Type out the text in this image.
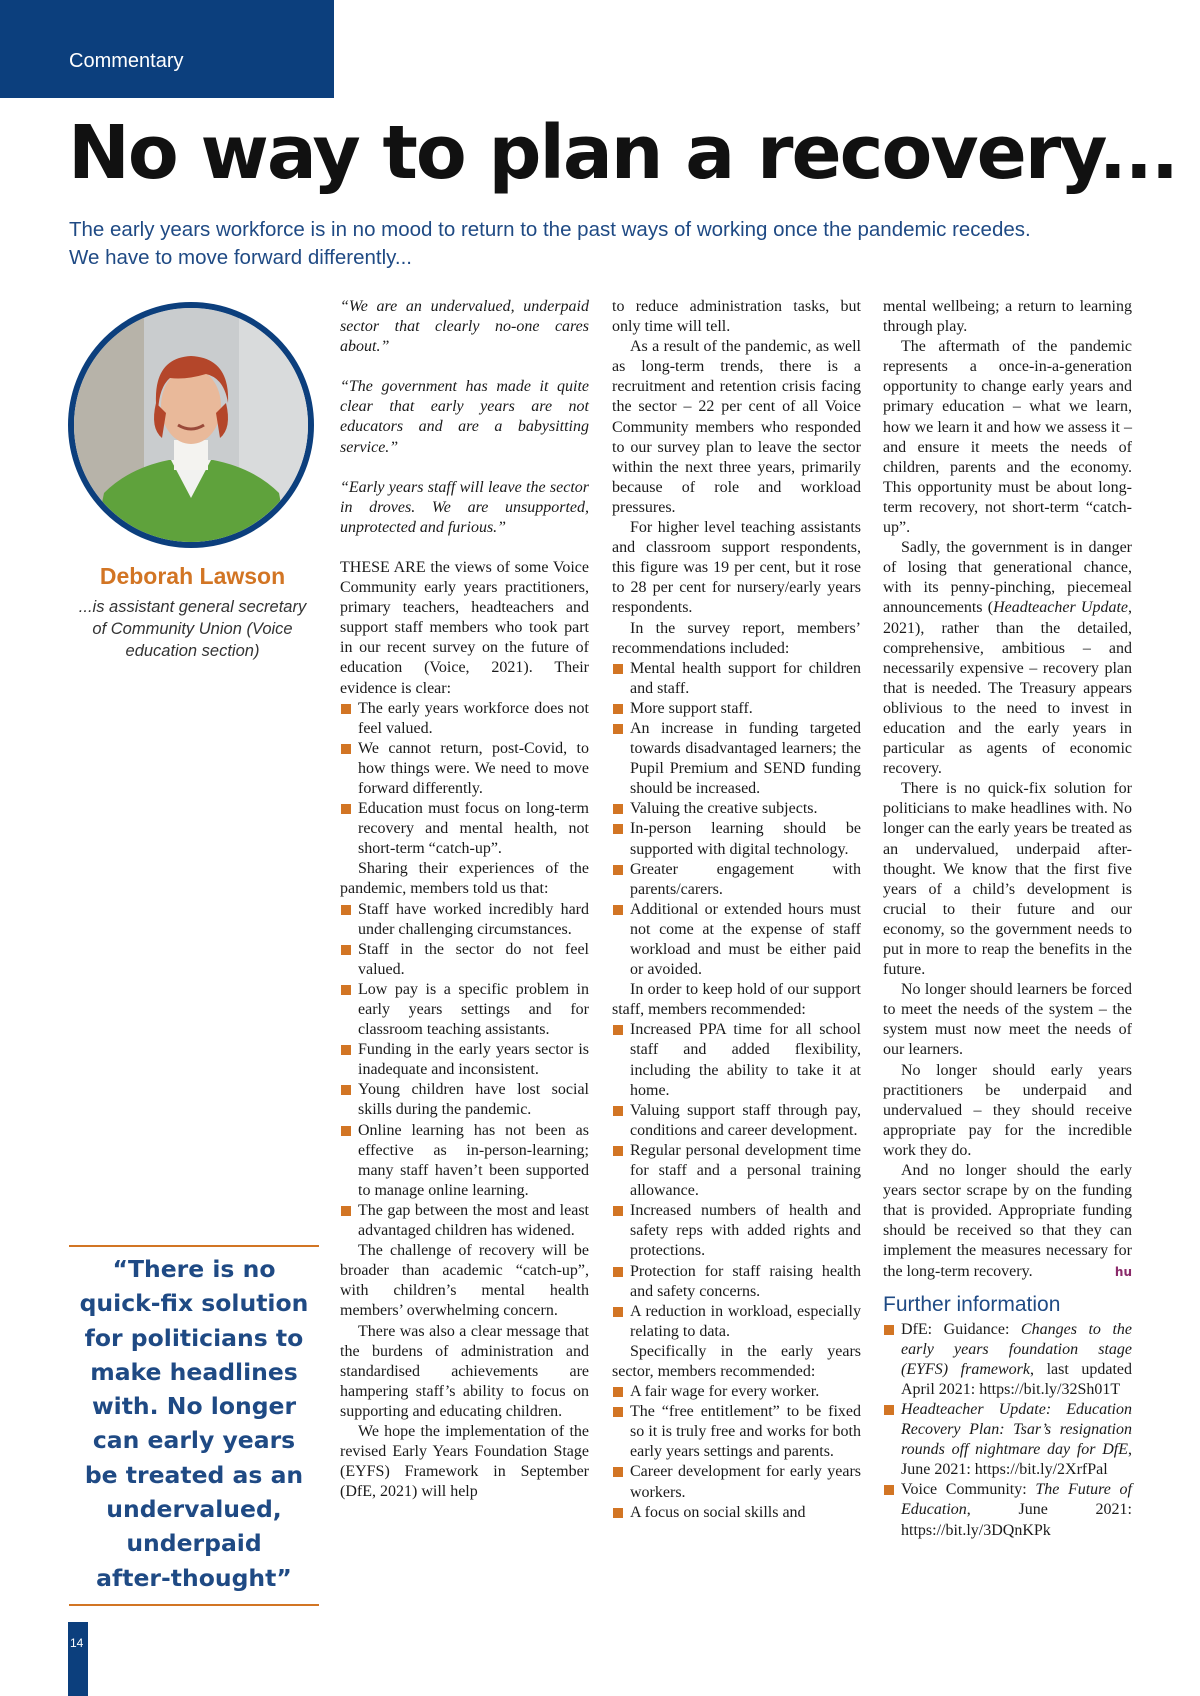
Commentary
No way to plan a recovery...
The early years workforce is in no mood to return to the past ways of working once the pandemic recedes.
We have to move forward differently...
Deborah Lawson
...is assistant general secretary
of Community Union (Voice
education section)
“There is no
quick-fix solution
for politicians to
make headlines
with. No longer
can early years
be treated as an
undervalued,
underpaid
after-thought”
14

“We are an undervalued, underpaid sector that clearly no-one cares about.”

“The government has made it quite clear that early years are not educators and are a babysitting service.”

“Early years staff will leave the sector in droves. We are unsupported, unprotected and furious.”

THESE ARE the views of some Voice Community early years practitioners, primary teachers, headteachers and support staff members who took part in our recent survey on the future of education (Voice, 2021). Their evidence is clear:

The early years workforce does not feel valued.
We cannot return, post-Covid, to how things were. We need to move forward differently.
Education must focus on long-term recovery and mental health, not short-term “catch-up”.

Sharing their experiences of the pandemic, members told us that:

Staff have worked incredibly hard under challenging circumstances.
Staff in the sector do not feel valued.
Low pay is a specific problem in early years settings and for classroom teaching assistants.
Funding in the early years sector is inadequate and inconsistent.
Young children have lost social skills during the pandemic.
Online learning has not been as effective as in-person-learning; many staff haven’t been supported to manage online learning.
The gap between the most and least advantaged children has widened.

The challenge of recovery will be broader than academic “catch-up”, with children’s mental health members’ overwhelming concern.

There was also a clear message that the burdens of administration and standardised achievements are hampering staff’s ability to focus on supporting and educating children.

We hope the implementation of the revised Early Years Foundation Stage (EYFS) Framework in September (DfE, 2021) will help

to reduce administration tasks, but only time will tell.

As a result of the pandemic, as well as long-term trends, there is a recruitment and retention crisis facing the sector – 22 per cent of all Voice Community members who responded to our survey plan to leave the sector within the next three years, primarily because of role and workload pressures.

For higher level teaching assistants and classroom support respondents, this figure was 19 per cent, but it rose to 28 per cent for nursery/early years respondents.

In the survey report, members’ recommendations included:

Mental health support for children and staff.
More support staff.
An increase in funding targeted towards disadvantaged learners; the Pupil Premium and SEND funding should be increased.
Valuing the creative subjects.
In-person learning should be supported with digital technology.
Greater engagement with parents/carers.
Additional or extended hours must not come at the expense of staff workload and must be either paid or avoided.

In order to keep hold of our support staff, members recommended:

Increased PPA time for all school staff and added flexibility, including the ability to take it at home.
Valuing support staff through pay, conditions and career development.
Regular personal development time for staff and a personal training allowance.
Increased numbers of health and safety reps with added rights and protections.
Protection for staff raising health and safety concerns.
A reduction in workload, especially relating to data.

Specifically in the early years sector, members recommended:

A fair wage for every worker.
The “free entitlement” to be fixed so it is truly free and works for both early years settings and parents.
Career development for early years workers.
A focus on social skills and

mental wellbeing; a return to learning through play.

The aftermath of the pandemic represents a once-in-a-generation opportunity to change early years and primary education – what we learn, how we learn it and how we assess it – and ensure it meets the needs of children, parents and the economy. This opportunity must be about long-term recovery, not short-term “catch-up”.

Sadly, the government is in danger of losing that generational chance, with its penny-pinching, piecemeal announcements (Headteacher Update, 2021), rather than the detailed, comprehensive, ambitious – and necessarily expensive – recovery plan that is needed. The Treasury appears oblivious to the need to invest in education and the early years in particular as agents of economic recovery.

There is no quick-fix solution for politicians to make headlines with. No longer can the early years be treated as an undervalued, underpaid after-thought. We know that the first five years of a child’s development is crucial to their future and our economy, so the government needs to put in more to reap the benefits in the future.

No longer should learners be forced to meet the needs of the system – the system must now meet the needs of our learners.

No longer should early years practitioners be underpaid and undervalued – they should receive appropriate pay for the incredible work they do.

And no longer should the early years sector scrape by on the funding that is provided. Appropriate funding should be received so that they can implement the measures necessary for the long-term recovery.	hu

Further information
DfE: Guidance: Changes to the early years foundation stage (EYFS) framework, last updated April 2021: https://bit.ly/32Sh01T
Headteacher Update: Education Recovery Plan: Tsar’s resignation rounds off nightmare day for DfE, June 2021: https://bit.ly/2XrfPal
Voice Community: The Future of Education, June 2021: https://bit.ly/3DQnKPk
